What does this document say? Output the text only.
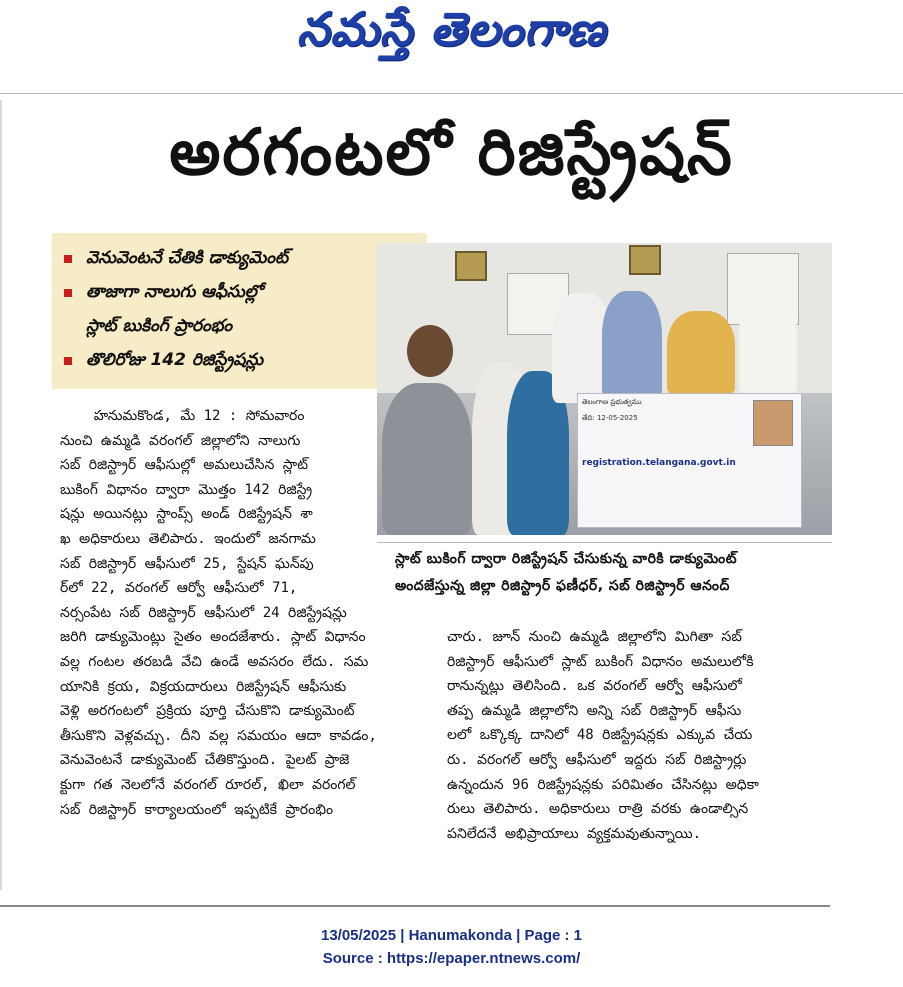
నమస్తే తెలంగాణ
అరగంటలో రిజిస్ట్రేషన్
వెనువెంటనే చేతికి డాక్యుమెంట్
తాజాగా నాలుగు ఆఫీసుల్లో
స్లాట్ బుకింగ్ ప్రారంభం
తొలిరోజు 142 రిజిస్ట్రేషన్లు
తెలంగాణ ప్రభుత్వము
తేది: 12-05-2025
registration.telangana.govt.in
స్లాట్ బుకింగ్ ద్వారా రిజిస్ట్రేషన్ చేసుకున్న వారికి డాక్యుమెంట్
అందజేస్తున్న జిల్లా రిజిస్ట్రార్ ఫణీధర్, సబ్ రిజిస్ట్రార్ ఆనంద్
హనుమకొండ, మే 12 : సోమవారం
నుంచి ఉమ్మడి వరంగల్ జిల్లాలోని నాలుగు
సబ్ రిజిస్ట్రార్ ఆఫీసుల్లో అమలుచేసిన స్లాట్
బుకింగ్ విధానం ద్వారా మొత్తం 142 రిజిస్ట్రే
షన్లు అయినట్లు స్టాంప్స్ అండ్ రిజిస్ట్రేషన్ శా
ఖ అధికారులు తెలిపారు. ఇందులో జనగామ
సబ్ రిజిస్ట్రార్ ఆఫీసులో 25, స్టేషన్ ఘన్‌పు
ర్‌లో 22, వరంగల్ ఆర్వో ఆఫీసులో 71,
నర్సంపేట సబ్ రిజిస్ట్రార్ ఆఫీసులో 24 రిజిస్ట్రేషన్లు
జరిగి డాక్యుమెంట్లు సైతం అందజేశారు. స్లాట్ విధానం
వల్ల గంటల తరబడి వేచి ఉండే అవసరం లేదు. సమ
యానికి క్రయ, విక్రయదారులు రిజిస్ట్రేషన్ ఆఫీసుకు
వెళ్లి అరగంటలో ప్రక్రియ పూర్తి చేసుకొని డాక్యుమెంట్
తీసుకొని వెళ్లవచ్చు. దీని వల్ల సమయం ఆదా కావడం,
వెనువెంటనే డాక్యుమెంట్ చేతికొస్తుంది. పైలట్ ప్రాజె
క్టుగా గత నెలలోనే వరంగల్ రూరల్, ఖిలా వరంగల్
సబ్ రిజిస్ట్రార్ కార్యాలయంలో ఇప్పటికే ప్రారంభిం
చారు. జూన్ నుంచి ఉమ్మడి జిల్లాలోని మిగితా సబ్
రిజిస్ట్రార్ ఆఫీసులో స్లాట్ బుకింగ్ విధానం అమలులోకి
రానున్నట్లు తెలిసింది. ఒక వరంగల్ ఆర్వో ఆఫీసులో
తప్ప ఉమ్మడి జిల్లాలోని అన్ని సబ్ రిజిస్ట్రార్ ఆఫీసు
లలో ఒక్కొక్క దానిలో 48 రిజిస్ట్రేషన్లకు ఎక్కువ చేయ
రు. వరంగల్ ఆర్వో ఆఫీసులో ఇద్దరు సబ్ రిజిస్ట్రార్లు
ఉన్నందున 96 రిజిస్ట్రేషన్లకు పరిమితం చేసినట్లు అధికా
రులు తెలిపారు. అధికారులు రాత్రి వరకు ఉండాల్సిన
పనిలేదనే అభిప్రాయాలు వ్యక్తమవుతున్నాయి.
13/05/2025 | Hanumakonda | Page : 1
Source : https://epaper.ntnews.com/
